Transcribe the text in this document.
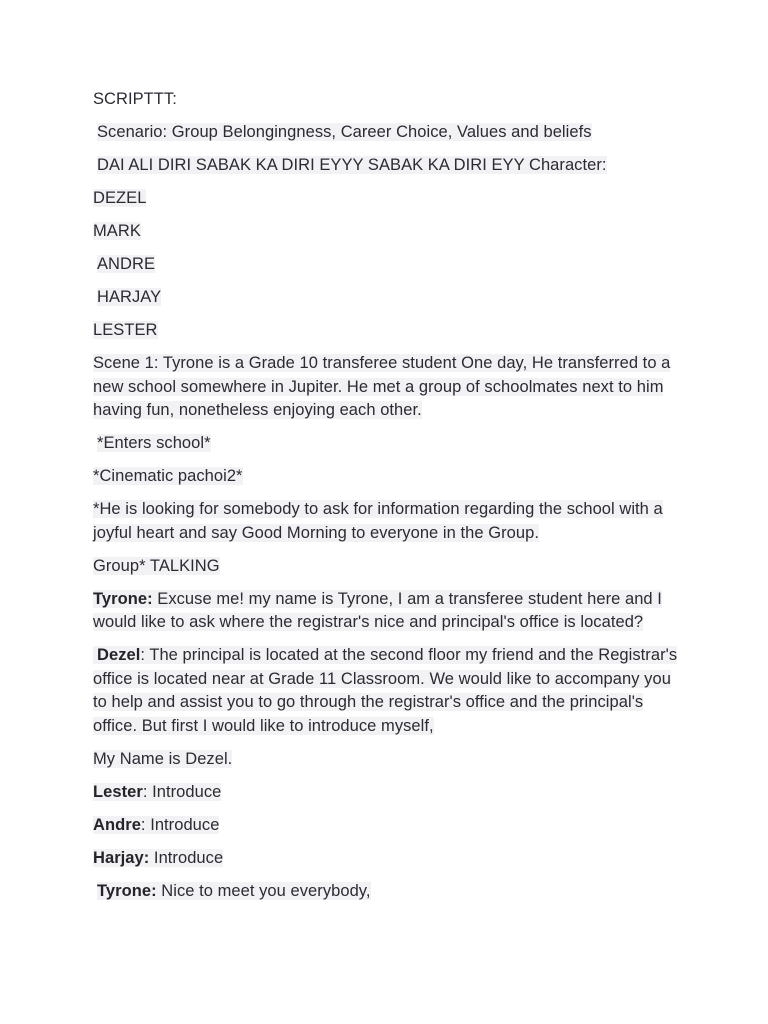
SCRIPTTT:

Scenario: Group Belongingness, Career Choice, Values and beliefs

DAI ALI DIRI SABAK KA DIRI EYYY SABAK KA DIRI EYY Character:

DEZEL

MARK

ANDRE

HARJAY

LESTER

Scene 1: Tyrone is a Grade 10 transferee student One day, He transferred to a new school somewhere in Jupiter. He met a group of schoolmates next to him having fun, nonetheless enjoying each other.

*Enters school*

*Cinematic pachoi2*

*He is looking for somebody to ask for information regarding the school with a joyful heart and say Good Morning to everyone in the Group.

Group* TALKING

Tyrone: Excuse me! my name is Tyrone, I am a transferee student here and I would like to ask where the registrar's nice and principal's office is located?

Dezel: The principal is located at the second floor my friend and the Registrar's office is located near at Grade 11 Classroom. We would like to accompany you to help and assist you to go through the registrar's office and the principal's office. But first I would like to introduce myself,

My Name is Dezel.

Lester: Introduce

Andre: Introduce

Harjay: Introduce

Tyrone: Nice to meet you everybody,
